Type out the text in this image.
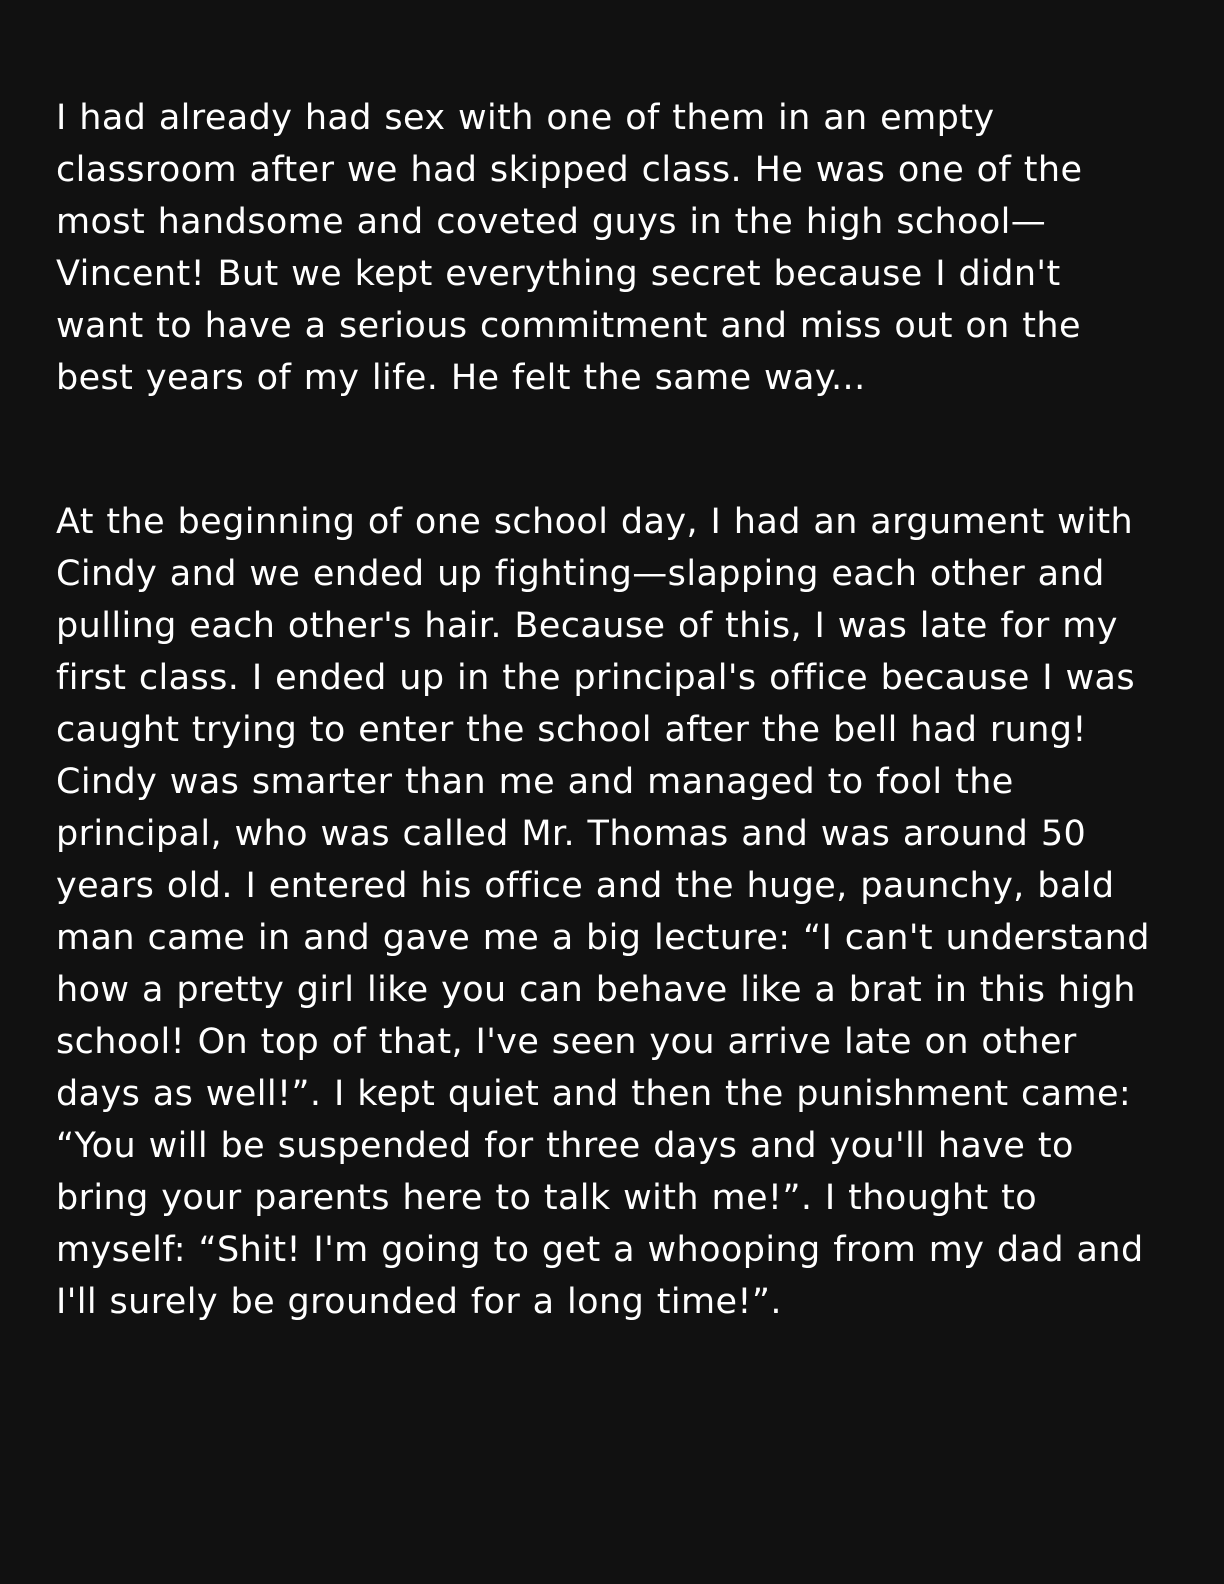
I had already had sex with one of them in an empty classroom after we had skipped class. He was one of the most handsome and coveted guys in the high school—Vincent! But we kept everything secret because I didn't want to have a serious commitment and miss out on the best years of my life. He felt the same way...

At the beginning of one school day, I had an argument with Cindy and we ended up fighting—slapping each other and pulling each other's hair. Because of this, I was late for my first class. I ended up in the principal's office because I was caught trying to enter the school after the bell had rung! Cindy was smarter than me and managed to fool the principal, who was called Mr. Thomas and was around 50 years old. I entered his office and the huge, paunchy, bald man came in and gave me a big lecture: “I can't understand how a pretty girl like you can behave like a brat in this high school! On top of that, I've seen you arrive late on other days as well!”. I kept quiet and then the punishment came: “You will be suspended for three days and you'll have to bring your parents here to talk with me!”. I thought to myself: “Shit! I'm going to get a whooping from my dad and I'll surely be grounded for a long time!”.
